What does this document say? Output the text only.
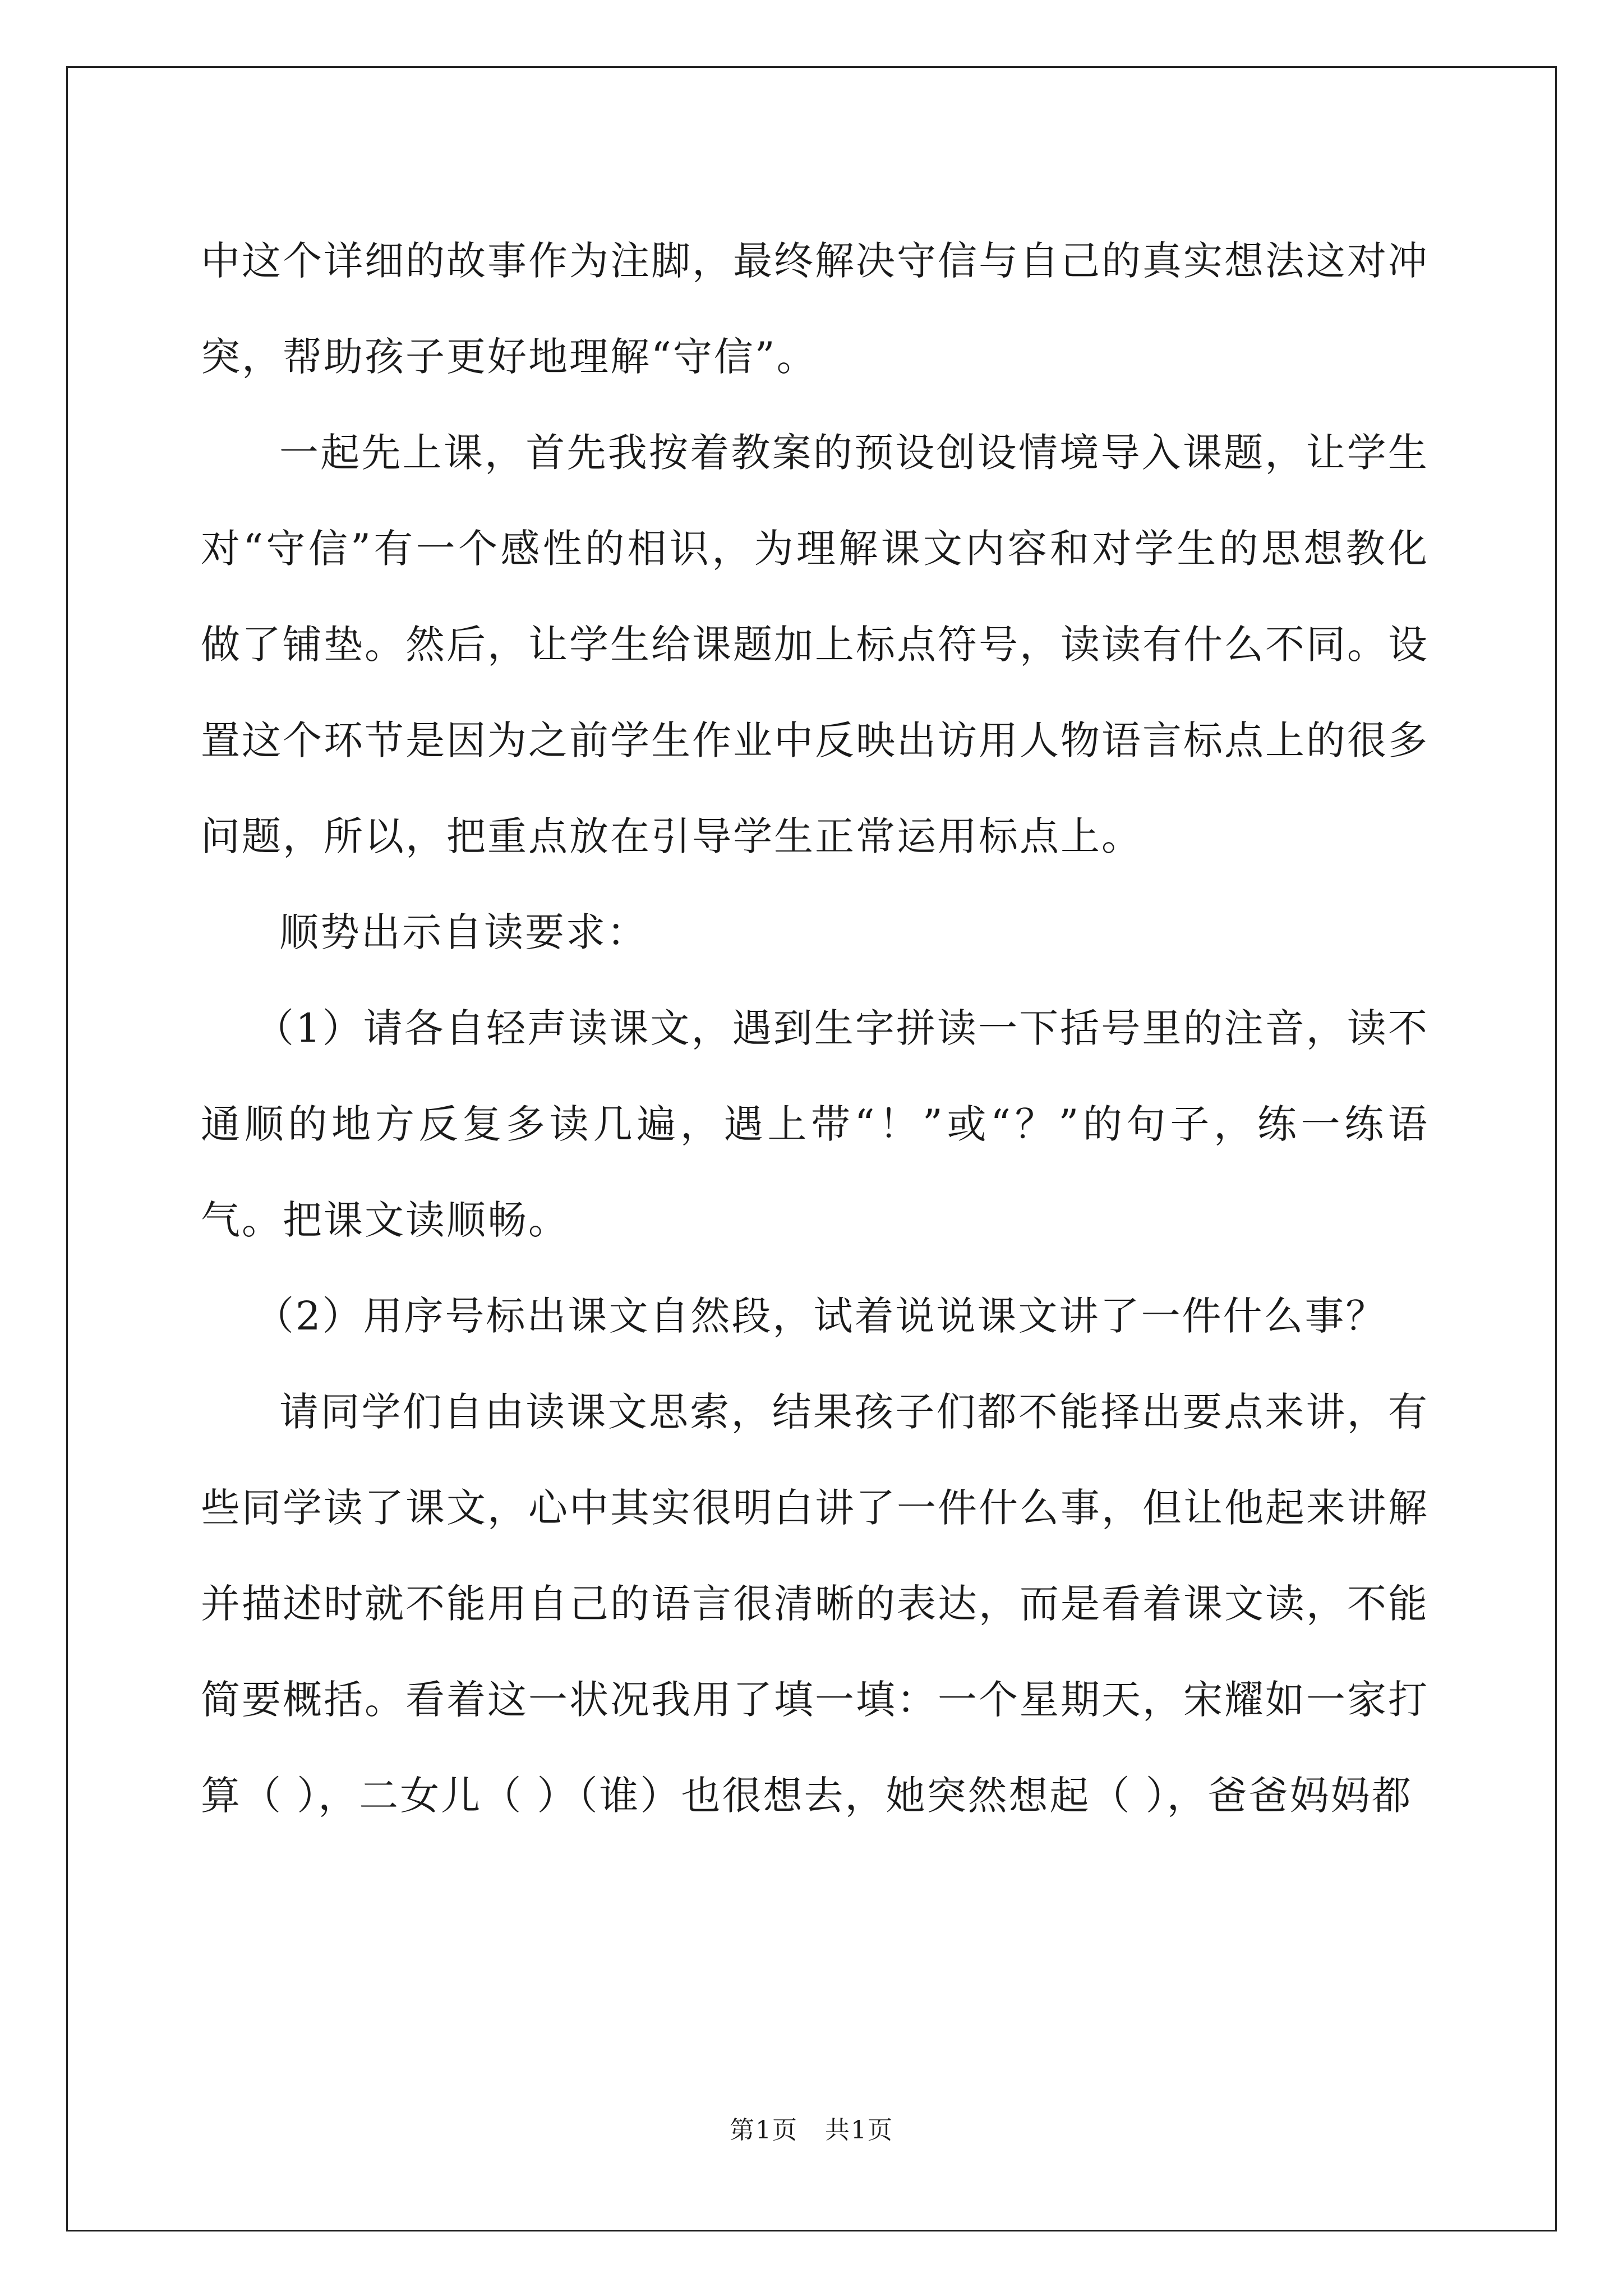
中这个详细的故事作为注脚，最终解决守信与自己的真实想法这对冲突，帮助孩子更好地理解“守信”。

一起先上课，首先我按着教案的预设创设情境导入课题，让学生对“守信”有一个感性的相识，为理解课文内容和对学生的思想教化做了铺垫。然后，让学生给课题加上标点符号，读读有什么不同。设置这个环节是因为之前学生作业中反映出访用人物语言标点上的很多问题，所以，把重点放在引导学生正常运用标点上。

顺势出示自读要求：

（1）请各自轻声读课文，遇到生字拼读一下括号里的注音，读不通顺的地方反复多读几遍，遇上带“！”或“？”的句子，练一练语气。把课文读顺畅。

（2）用序号标出课文自然段，试着说说课文讲了一件什么事？

请同学们自由读课文思索，结果孩子们都不能择出要点来讲，有些同学读了课文，心中其实很明白讲了一件什么事，但让他起来讲解并描述时就不能用自己的语言很清晰的表达，而是看着课文读，不能简要概括。看着这一状况我用了填一填：一个星期天，宋耀如一家打算（ ），二女儿（ ）（谁）也很想去，她突然想起（ ），爸爸妈妈都

第1页 共1页
